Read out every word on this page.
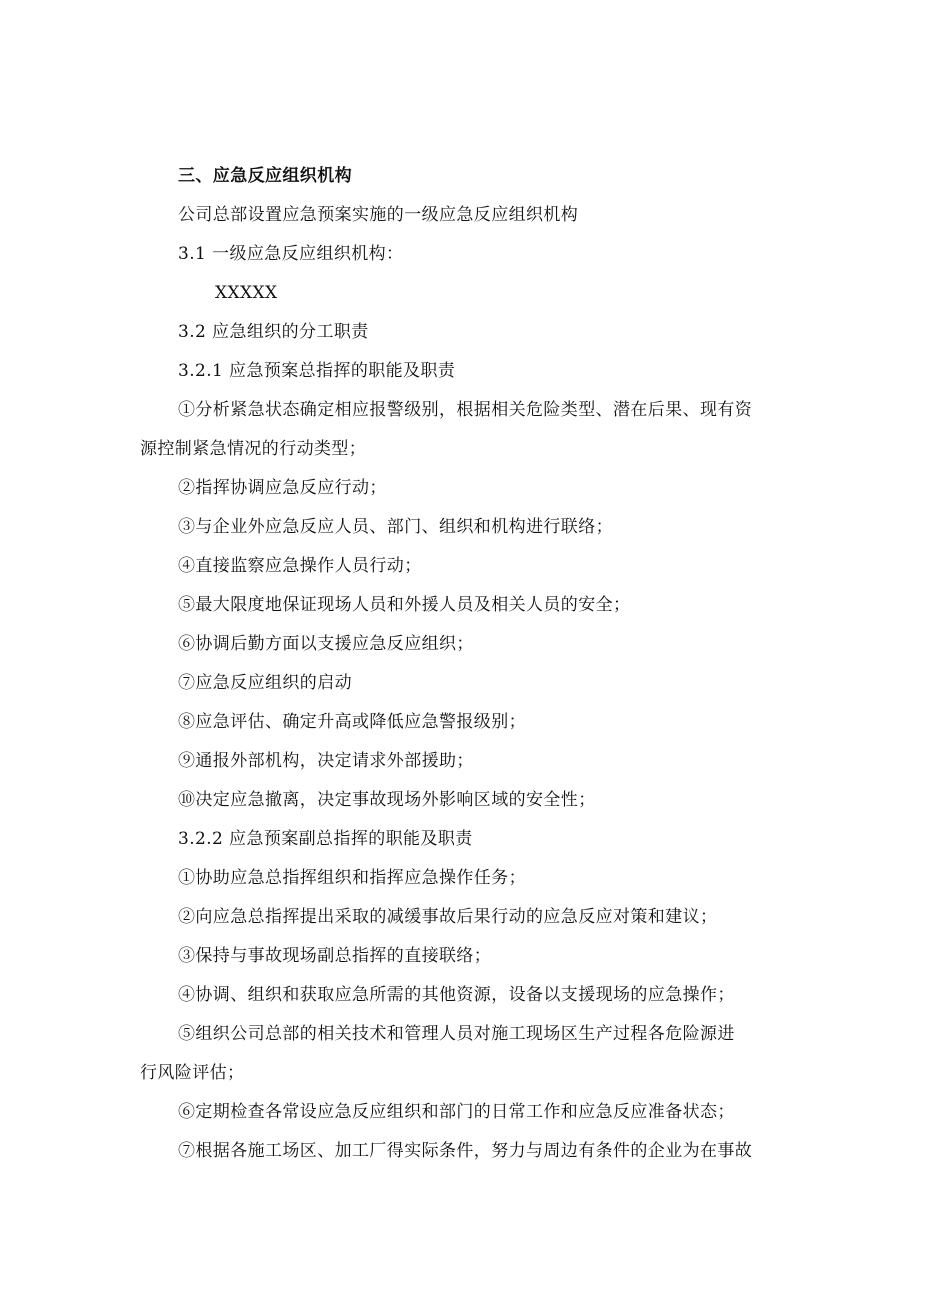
三、应急反应组织机构
公司总部设置应急预案实施的一级应急反应组织机构
3.1 一级应急反应组织机构：
XXXXX
3.2 应急组织的分工职责
3.2.1 应急预案总指挥的职能及职责
①分析紧急状态确定相应报警级别，根据相关危险类型、潜在后果、现有资
源控制紧急情况的行动类型；
②指挥协调应急反应行动；
③与企业外应急反应人员、部门、组织和机构进行联络；
④直接监察应急操作人员行动；
⑤最大限度地保证现场人员和外援人员及相关人员的安全；
⑥协调后勤方面以支援应急反应组织；
⑦应急反应组织的启动
⑧应急评估、确定升高或降低应急警报级别；
⑨通报外部机构，决定请求外部援助；
⑩决定应急撤离，决定事故现场外影响区域的安全性；
3.2.2 应急预案副总指挥的职能及职责
①协助应急总指挥组织和指挥应急操作任务；
②向应急总指挥提出采取的减缓事故后果行动的应急反应对策和建议；
③保持与事故现场副总指挥的直接联络；
④协调、组织和获取应急所需的其他资源，设备以支援现场的应急操作；
⑤组织公司总部的相关技术和管理人员对施工现场区生产过程各危险源进
行风险评估；
⑥定期检查各常设应急反应组织和部门的日常工作和应急反应准备状态；
⑦根据各施工场区、加工厂得实际条件，努力与周边有条件的企业为在事故
